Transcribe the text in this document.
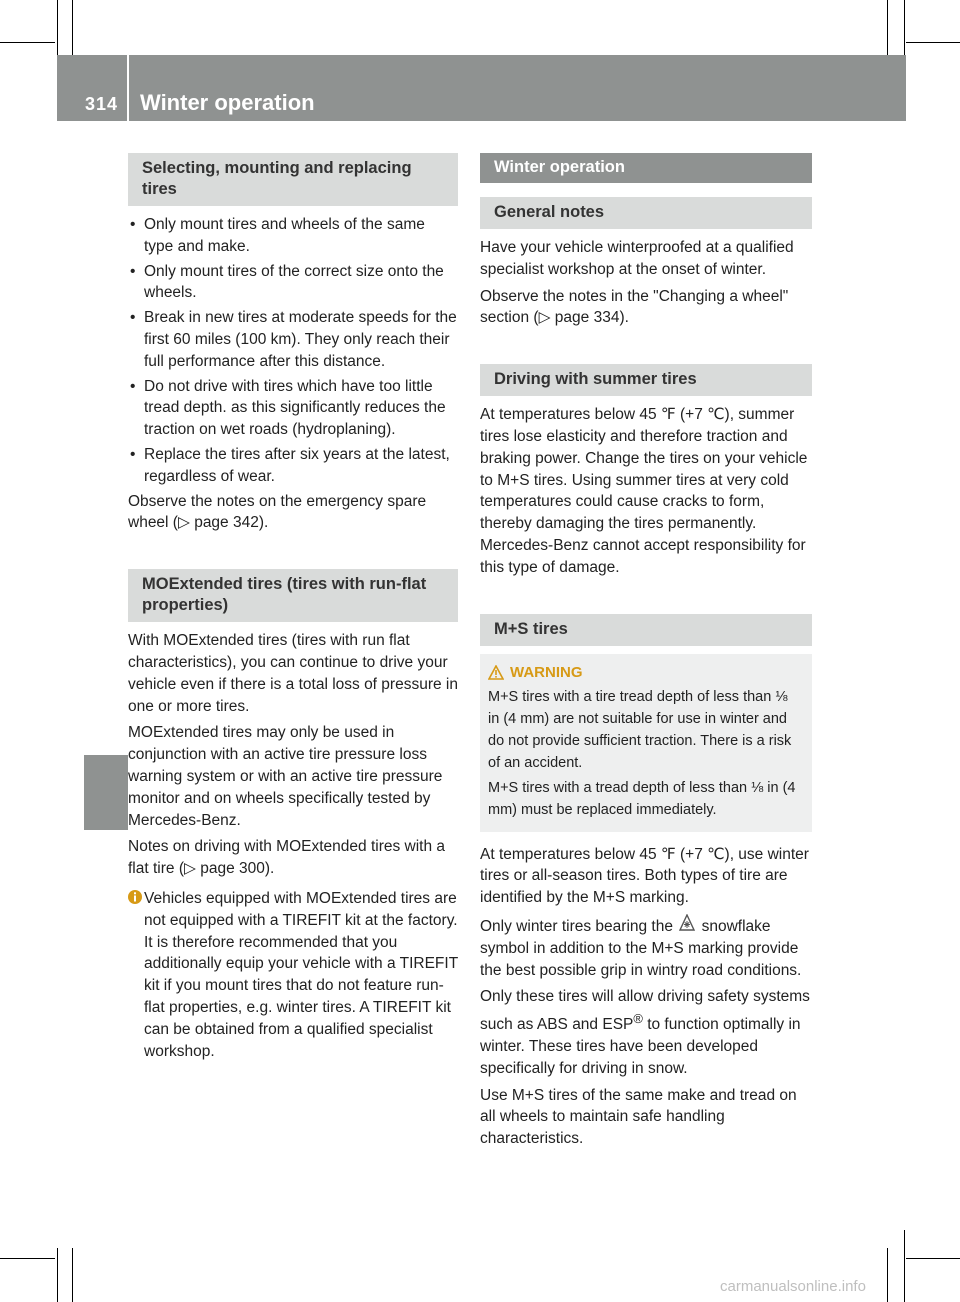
314 Winter operation
Selecting, mounting and replacing tires
• Only mount tires and wheels of the same type and make.
• Only mount tires of the correct size onto the wheels.
• Break in new tires at moderate speeds for the first 60 miles (100 km). They only reach their full performance after this distance.
• Do not drive with tires which have too little tread depth. as this significantly reduces the traction on wet roads (hydroplaning).
• Replace the tires after six years at the latest, regardless of wear.

Observe the notes on the emergency spare wheel (▷ page 342).

MOExtended tires (tires with run-flat properties)

With MOExtended tires (tires with run flat characteristics), you can continue to drive your vehicle even if there is a total loss of pressure in one or more tires.

MOExtended tires may only be used in conjunction with an active tire pressure loss warning system or with an active tire pressure monitor and on wheels specifically tested by Mercedes-Benz.

Notes on driving with MOExtended tires with a flat tire (▷ page 300).

Vehicles equipped with MOExtended tires are not equipped with a TIREFIT kit at the factory. It is therefore recommended that you additionally equip your vehicle with a TIREFIT kit if you mount tires that do not feature run-flat properties, e.g. winter tires. A TIREFIT kit can be obtained from a qualified specialist workshop.
Winter operation
General notes

Have your vehicle winterproofed at a qualified specialist workshop at the onset of winter.

Observe the notes in the "Changing a wheel" section (▷ page 334).

Driving with summer tires

At temperatures below 45 ℉ (+7 ℃), summer tires lose elasticity and therefore traction and braking power. Change the tires on your vehicle to M+S tires. Using summer tires at very cold temperatures could cause cracks to form, thereby damaging the tires permanently. Mercedes-Benz cannot accept responsibility for this type of damage.

M+S tires
WARNING

M+S tires with a tire tread depth of less than ⅛ in (4 mm) are not suitable for use in winter and do not provide sufficient traction. There is a risk of an accident.

M+S tires with a tread depth of less than ⅛ in (4 mm) must be replaced immediately.

At temperatures below 45 ℉ (+7 ℃), use winter tires or all-season tires. Both types of tire are identified by the M+S marking.

Only winter tires bearing the snowflake symbol in addition to the M+S marking provide the best possible grip in wintry road conditions.

Only these tires will allow driving safety systems such as ABS and ESP® to function optimally in winter. These tires have been developed specifically for driving in snow.

Use M+S tires of the same make and tread on all wheels to maintain safe handling characteristics.

carmanualsonline.info
